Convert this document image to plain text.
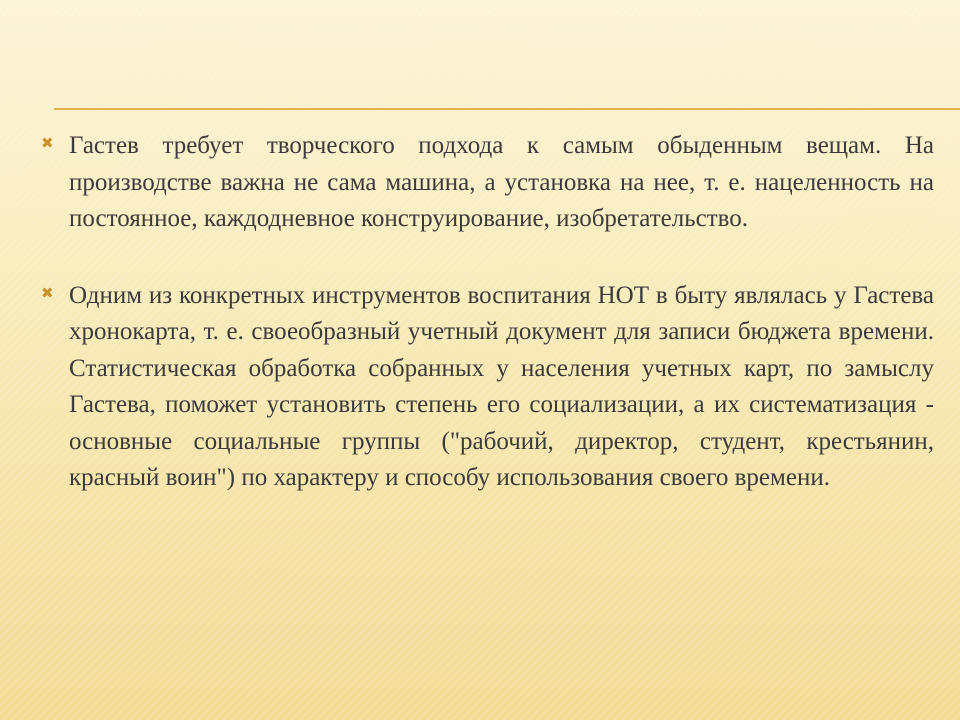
✖ Гастев требует творческого подхода к самым обыденным вещам. На производстве важна не сама машина, а установка на нее, т. е. нацеленность на постоянное, каждодневное конструирование, изобретательство.

✖ Одним из конкретных инструментов воспитания НОТ в быту являлась у Гастева хронокарта, т. е. своеобразный учетный документ для записи бюджета времени. Статистическая обработка собранных у населения учетных карт, по замыслу Гастева, поможет установить степень его социализации, а их систематизация - основные социальные группы ("рабочий, директор, студент, крестьянин, красный воин") по характеру и способу использования своего времени.
